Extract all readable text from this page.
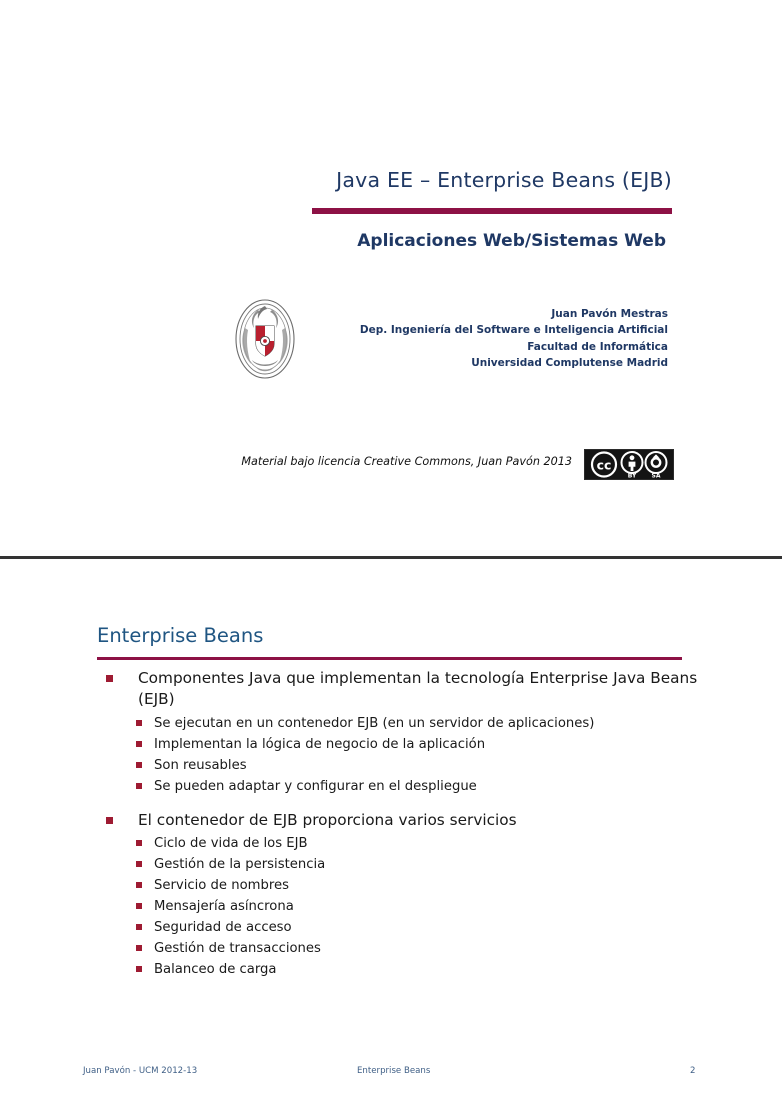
Java EE – Enterprise Beans (EJB)
Aplicaciones Web/Sistemas Web
Juan Pavón Mestras
Dep. Ingeniería del Software e Inteligencia Artificial
Facultad de Informática
Universidad Complutense Madrid
Material bajo licencia Creative Commons, Juan Pavón 2013 cc
BY	SA
Enterprise Beans
Componentes Java que implementan la tecnología Enterprise Java Beans (EJB)
Se ejecutan en un contenedor EJB (en un servidor de aplicaciones)
Implementan la lógica de negocio de la aplicación
Son reusables
Se pueden adaptar y configurar en el despliegue
El contenedor de EJB proporciona varios servicios
Ciclo de vida de los EJB
Gestión de la persistencia
Servicio de nombres
Mensajería asíncrona
Seguridad de acceso
Gestión de transacciones
Balanceo de carga
Juan Pavón - UCM 2012-13	Enterprise Beans	2
